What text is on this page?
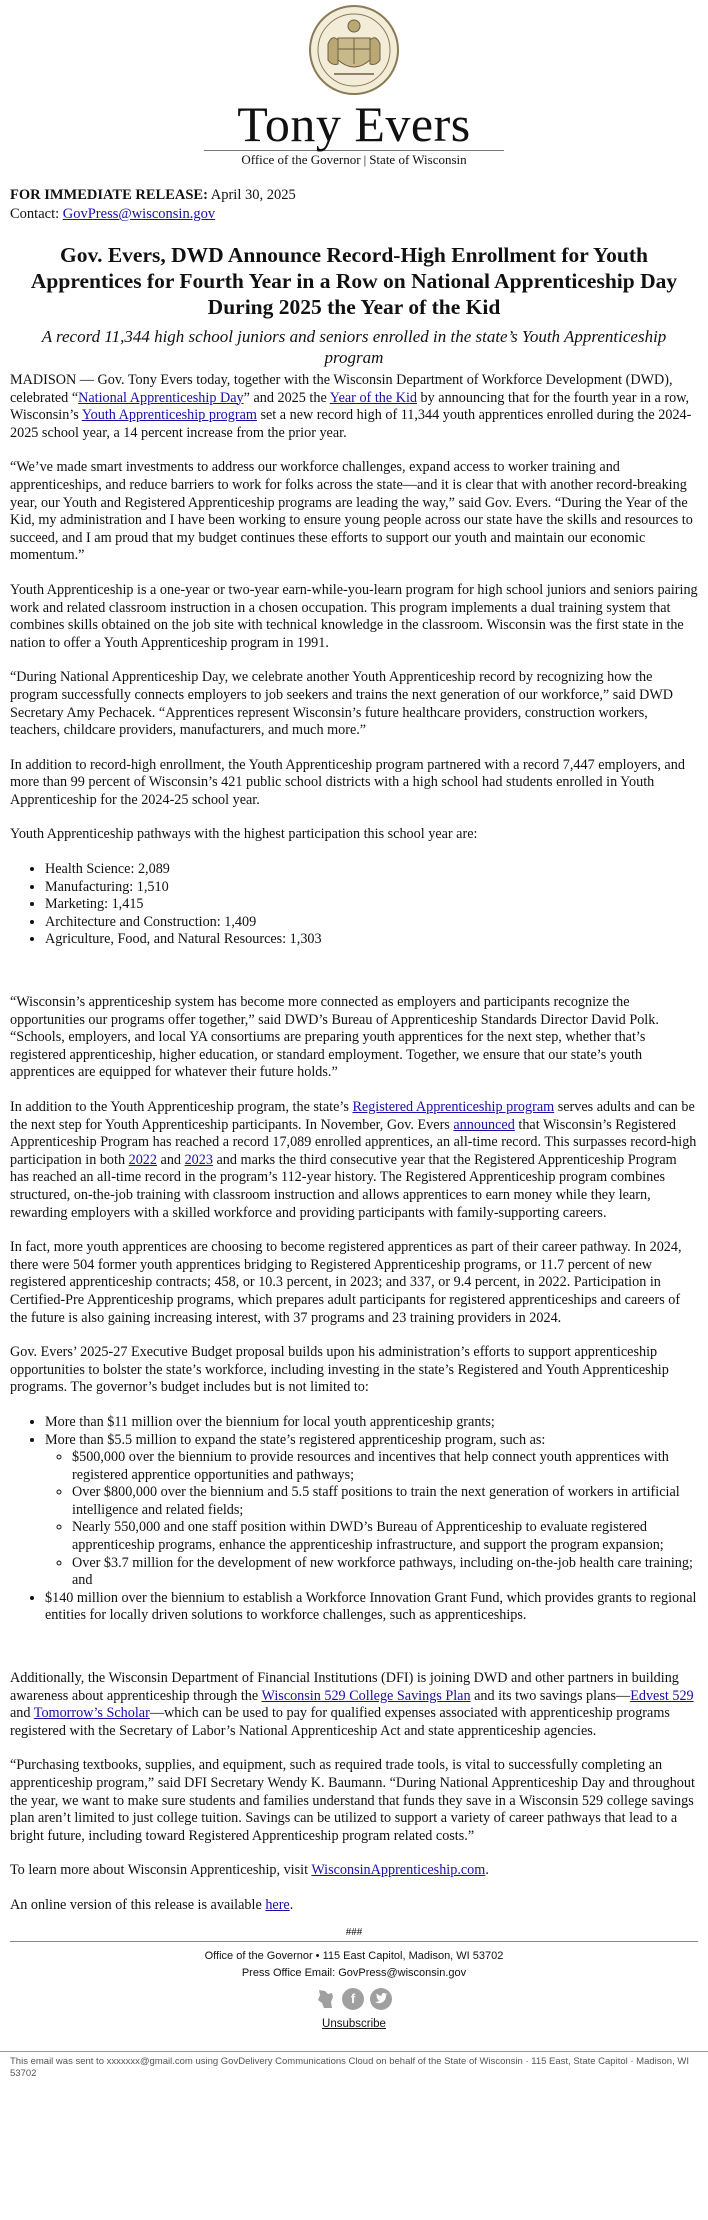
Tony Evers
Office of the Governor | State of Wisconsin
FOR IMMEDIATE RELEASE: April 30, 2025
Contact: GovPress@wisconsin.gov
Gov. Evers, DWD Announce Record-High Enrollment for Youth Apprentices for Fourth Year in a Row on National Apprenticeship Day During 2025 the Year of the Kid
A record 11,344 high school juniors and seniors enrolled in the state’s Youth Apprenticeship program

MADISON — Gov. Tony Evers today, together with the Wisconsin Department of Workforce Development (DWD), celebrated “National Apprenticeship Day” and 2025 the Year of the Kid by announcing that for the fourth year in a row, Wisconsin’s Youth Apprenticeship program set a new record high of 11,344 youth apprentices enrolled during the 2024-2025 school year, a 14 percent increase from the prior year.

“We’ve made smart investments to address our workforce challenges, expand access to worker training and apprenticeships, and reduce barriers to work for folks across the state—and it is clear that with another record-breaking year, our Youth and Registered Apprenticeship programs are leading the way,” said Gov. Evers. “During the Year of the Kid, my administration and I have been working to ensure young people across our state have the skills and resources to succeed, and I am proud that my budget continues these efforts to support our youth and maintain our economic momentum.”

Youth Apprenticeship is a one-year or two-year earn-while-you-learn program for high school juniors and seniors pairing work and related classroom instruction in a chosen occupation. This program implements a dual training system that combines skills obtained on the job site with technical knowledge in the classroom. Wisconsin was the first state in the nation to offer a Youth Apprenticeship program in 1991.

“During National Apprenticeship Day, we celebrate another Youth Apprenticeship record by recognizing how the program successfully connects employers to job seekers and trains the next generation of our workforce,” said DWD Secretary Amy Pechacek. “Apprentices represent Wisconsin’s future healthcare providers, construction workers, teachers, childcare providers, manufacturers, and much more.”

In addition to record-high enrollment, the Youth Apprenticeship program partnered with a record 7,447 employers, and more than 99 percent of Wisconsin’s 421 public school districts with a high school had students enrolled in Youth Apprenticeship for the 2024-25 school year.

Youth Apprenticeship pathways with the highest participation this school year are:

• Health Science: 2,089
• Manufacturing: 1,510
• Marketing: 1,415
• Architecture and Construction: 1,409
• Agriculture, Food, and Natural Resources: 1,303

“Wisconsin’s apprenticeship system has become more connected as employers and participants recognize the opportunities our programs offer together,” said DWD’s Bureau of Apprenticeship Standards Director David Polk. “Schools, employers, and local YA consortiums are preparing youth apprentices for the next step, whether that’s registered apprenticeship, higher education, or standard employment. Together, we ensure that our state’s youth apprentices are equipped for whatever their future holds.”

In addition to the Youth Apprenticeship program, the state’s Registered Apprenticeship program serves adults and can be the next step for Youth Apprenticeship participants. In November, Gov. Evers announced that Wisconsin’s Registered Apprenticeship Program has reached a record 17,089 enrolled apprentices, an all-time record. This surpasses record-high participation in both 2022 and 2023 and marks the third consecutive year that the Registered Apprenticeship Program has reached an all-time record in the program’s 112-year history. The Registered Apprenticeship program combines structured, on-the-job training with classroom instruction and allows apprentices to earn money while they learn, rewarding employers with a skilled workforce and providing participants with family-supporting careers.

In fact, more youth apprentices are choosing to become registered apprentices as part of their career pathway. In 2024, there were 504 former youth apprentices bridging to Registered Apprenticeship programs, or 11.7 percent of new registered apprenticeship contracts; 458, or 10.3 percent, in 2023; and 337, or 9.4 percent, in 2022. Participation in Certified-Pre Apprenticeship programs, which prepares adult participants for registered apprenticeships and careers of the future is also gaining increasing interest, with 37 programs and 23 training providers in 2024.

Gov. Evers’ 2025-27 Executive Budget proposal builds upon his administration’s efforts to support apprenticeship opportunities to bolster the state’s workforce, including investing in the state’s Registered and Youth Apprenticeship programs. The governor’s budget includes but is not limited to:

• More than $11 million over the biennium for local youth apprenticeship grants;
• More than $5.5 million to expand the state’s registered apprenticeship program, such as:
◦ $500,000 over the biennium to provide resources and incentives that help connect youth apprentices with registered apprentice opportunities and pathways;
◦ Over $800,000 over the biennium and 5.5 staff positions to train the next generation of workers in artificial intelligence and related fields;
◦ Nearly 550,000 and one staff position within DWD’s Bureau of Apprenticeship to evaluate registered apprenticeship programs, enhance the apprenticeship infrastructure, and support the program expansion;
◦ Over $3.7 million for the development of new workforce pathways, including on-the-job health care training; and
• $140 million over the biennium to establish a Workforce Innovation Grant Fund, which provides grants to regional entities for locally driven solutions to workforce challenges, such as apprenticeships.

Additionally, the Wisconsin Department of Financial Institutions (DFI) is joining DWD and other partners in building awareness about apprenticeship through the Wisconsin 529 College Savings Plan and its two savings plans—Edvest 529 and Tomorrow’s Scholar—which can be used to pay for qualified expenses associated with apprenticeship programs registered with the Secretary of Labor’s National Apprenticeship Act and state apprenticeship agencies.

“Purchasing textbooks, supplies, and equipment, such as required trade tools, is vital to successfully completing an apprenticeship program,” said DFI Secretary Wendy K. Baumann. “During National Apprenticeship Day and throughout the year, we want to make sure students and families understand that funds they save in a Wisconsin 529 college savings plan aren’t limited to just college tuition. Savings can be utilized to support a variety of career pathways that lead to a bright future, including toward Registered Apprenticeship program related costs.”

To learn more about Wisconsin Apprenticeship, visit WisconsinApprenticeship.com.

An online version of this release is available here.

###
Office of the Governor • 115 East Capitol, Madison, WI 53702
Press Office Email: GovPress@wisconsin.gov
f
Unsubscribe
This email was sent to xxxxxxx@gmail.com using GovDelivery Communications Cloud on behalf of the State of Wisconsin · 115 East, State Capitol · Madison, WI 53702
